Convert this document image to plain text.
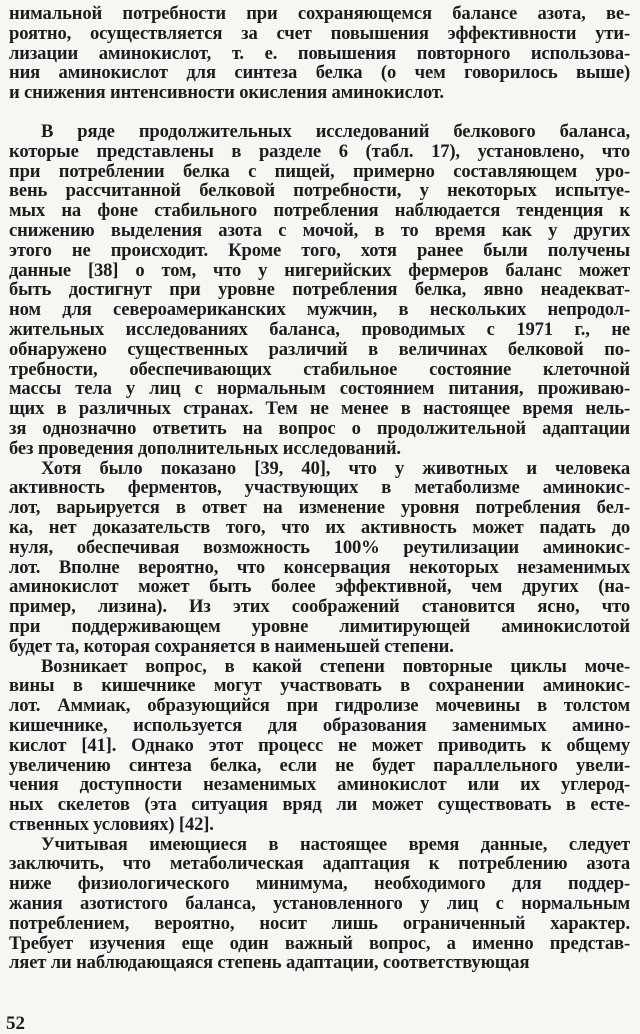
нимальной потребности при сохраняющемся балансе азота, ве-
роятно, осуществляется за счет повышения эффективности ути-
лизации аминокислот, т. е. повышения повторного использова-
ния аминокислот для синтеза белка (о чем говорилось выше)
и снижения интенсивности окисления аминокислот.
В ряде продолжительных исследований белкового баланса,
которые представлены в разделе 6 (табл. 17), установлено, что
при потреблении белка с пищей, примерно составляющем уро-
вень рассчитанной белковой потребности, у некоторых испытуе-
мых на фоне стабильного потребления наблюдается тенденция к
снижению выделения азота с мочой, в то время как у других
этого не происходит. Кроме того, хотя ранее были получены
данные [38] о том, что у нигерийских фермеров баланс может
быть достигнут при уровне потребления белка, явно неадекват-
ном для североамериканских мужчин, в нескольких непродол-
жительных исследованиях баланса, проводимых с 1971 г., не
обнаружено существенных различий в величинах белковой по-
требности, обеспечивающих стабильное состояние клеточной
массы тела у лиц с нормальным состоянием питания, проживаю-
щих в различных странах. Тем не менее в настоящее время нель-
зя однозначно ответить на вопрос о продолжительной адаптации
без проведения дополнительных исследований.
Хотя было показано [39, 40], что у животных и человека
активность ферментов, участвующих в метаболизме аминокис-
лот, варьируется в ответ на изменение уровня потребления бел-
ка, нет доказательств того, что их активность может падать до
нуля, обеспечивая возможность 100% реутилизации аминокис-
лот. Вполне вероятно, что консервация некоторых незаменимых
аминокислот может быть более эффективной, чем других (на-
пример, лизина). Из этих соображений становится ясно, что
при поддерживающем уровне лимитирующей аминокислотой
будет та, которая сохраняется в наименьшей степени.
Возникает вопрос, в какой степени повторные циклы моче-
вины в кишечнике могут участвовать в сохранении аминокис-
лот. Аммиак, образующийся при гидролизе мочевины в толстом
кишечнике, используется для образования заменимых амино-
кислот [41]. Однако этот процесс не может приводить к общему
увеличению синтеза белка, если не будет параллельного увели-
чения доступности незаменимых аминокислот или их углерод-
ных скелетов (эта ситуация вряд ли может существовать в есте-
ственных условиях) [42].
Учитывая имеющиеся в настоящее время данные, следует
заключить, что метаболическая адаптация к потреблению азота
ниже физиологического минимума, необходимого для поддер-
жания азотистого баланса, установленного у лиц с нормальным
потреблением, вероятно, носит лишь ограниченный характер.
Требует изучения еще один важный вопрос, а именно представ-
ляет ли наблюдающаяся степень адаптации, соответствующая
52
